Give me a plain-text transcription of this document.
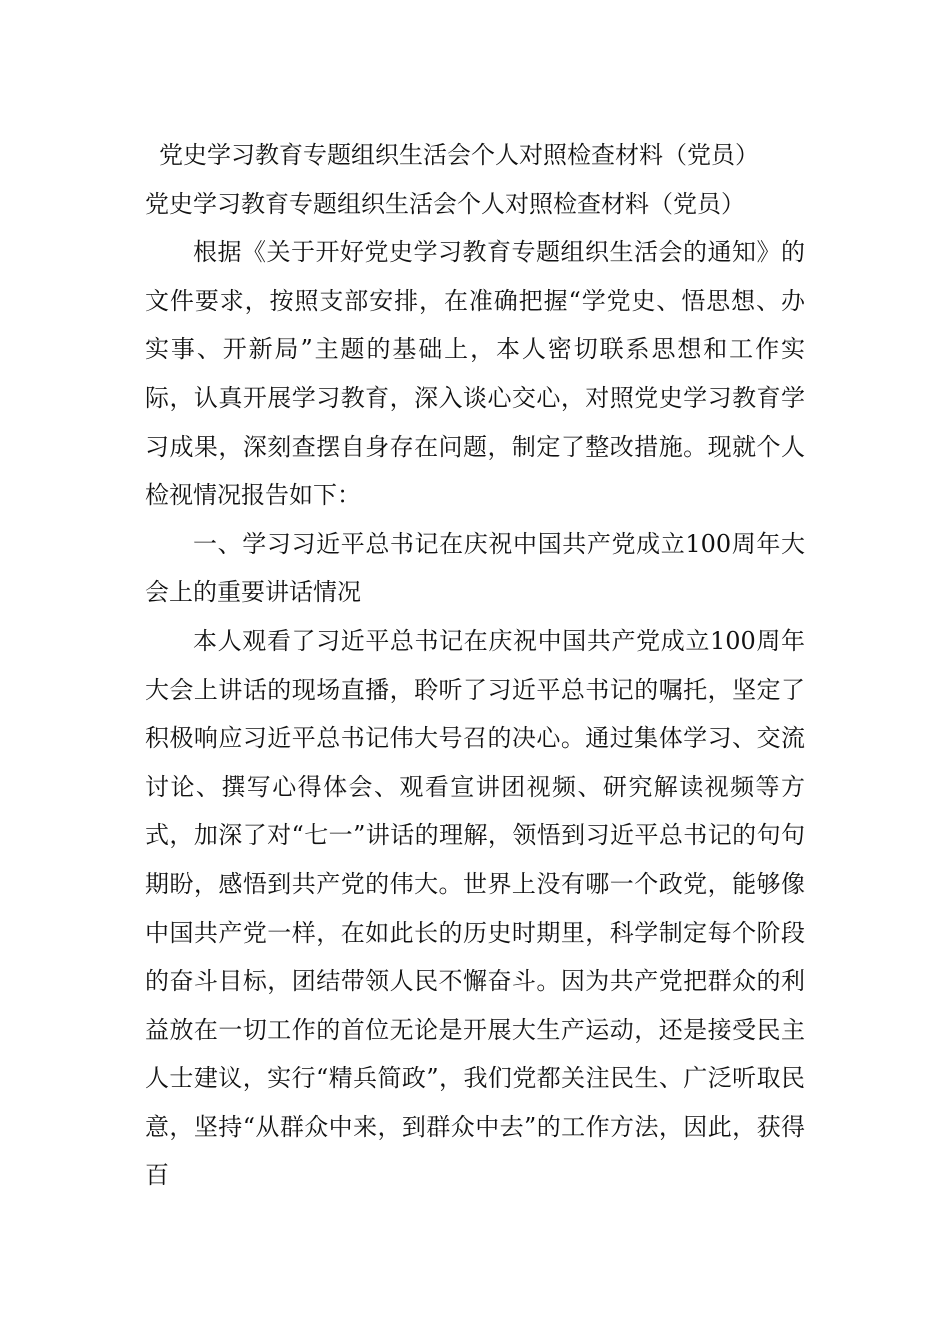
党史学习教育专题组织生活会个人对照检查材料（党员）
党史学习教育专题组织生活会个人对照检查材料（党员）

根据《关于开好党史学习教育专题组织生活会的通知》的文件要求，按照支部安排，在准确把握“学党史、悟思想、办实事、开新局”主题的基础上，本人密切联系思想和工作实际，认真开展学习教育，深入谈心交心，对照党史学习教育学习成果，深刻查摆自身存在问题，制定了整改措施。现就个人检视情况报告如下：

一、学习习近平总书记在庆祝中国共产党成立100周年大会上的重要讲话情况

本人观看了习近平总书记在庆祝中国共产党成立100周年大会上讲话的现场直播，聆听了习近平总书记的嘱托，坚定了积极响应习近平总书记伟大号召的决心。通过集体学习、交流讨论、撰写心得体会、观看宣讲团视频、研究解读视频等方式，加深了对“七一”讲话的理解，领悟到习近平总书记的句句期盼，感悟到共产党的伟大。世界上没有哪一个政党，能够像中国共产党一样，在如此长的历史时期里，科学制定每个阶段的奋斗目标，团结带领人民不懈奋斗。因为共产党把群众的利益放在一切工作的首位无论是开展大生产运动，还是接受民主人士建议，实行“精兵简政”，我们党都关注民生、广泛听取民意，坚持“从群众中来，到群众中去”的工作方法，因此，获得百
